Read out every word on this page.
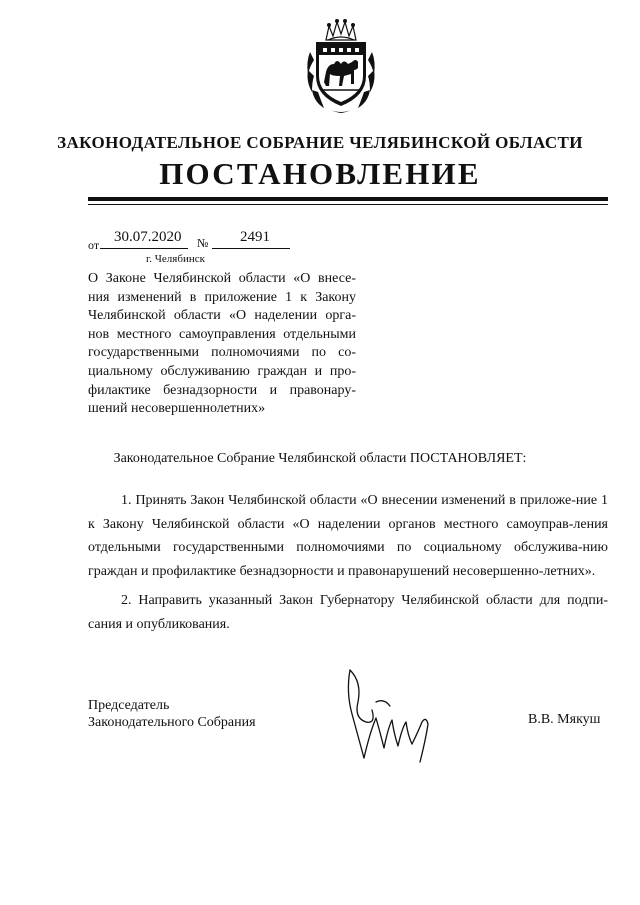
ЗАКОНОДАТЕЛЬНОЕ СОБРАНИЕ ЧЕЛЯБИНСКОЙ ОБЛАСТИ
ПОСТАНОВЛЕНИЕ
от 30.07.2020 № 2491
г. Челябинск
О Законе Челябинской области «О внесе-ния изменений в приложение 1 к Закону Челябинской области «О наделении орга-нов местного самоуправления отдельными государственными полномочиями по со-циальному обслуживанию граждан и про-филактике безнадзорности и правонару-шений несовершеннолетних»
Законодательное Собрание Челябинской области ПОСТАНОВЛЯЕТ:

1. Принять Закон Челябинской области «О внесении изменений в приложе-ние 1 к Закону Челябинской области «О наделении органов местного самоуправ-ления отдельными государственными полномочиями по социальному обслужива-нию граждан и профилактике безнадзорности и правонарушений несовершенно-летних».

2. Направить указанный Закон Губернатору Челябинской области для подпи-сания и опубликования.

Председатель
Законодательного Собрания	В.В. Мякуш
